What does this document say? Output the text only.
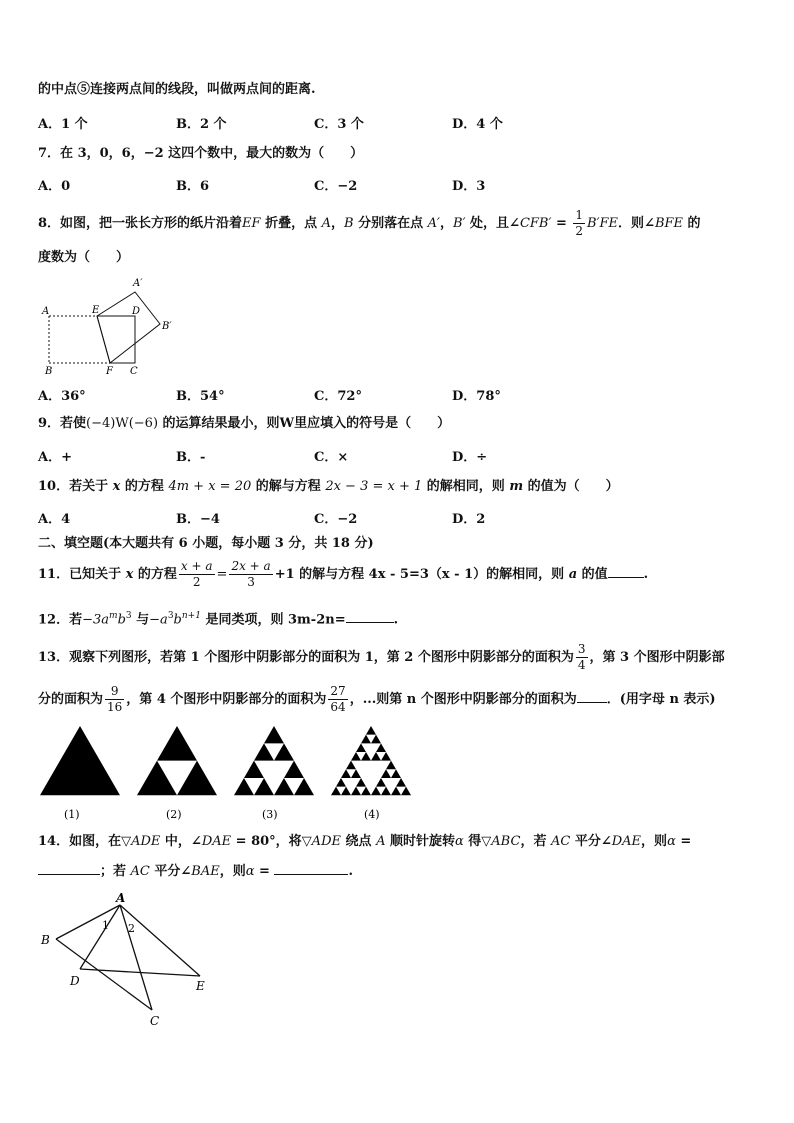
的中点⑤连接两点间的线段，叫做两点间的距离.
A．1 个	B．2 个	C．3 个	D．4 个
7．在 3，0，6，−2 这四个数中，最大的数为（　　）
A．0	B．6	C．−2	D．3
8．如图，把一张长方形的纸片沿着EF 折叠，点 A，B 分别落在点 A′，B′ 处，且∠CFB′ = $\frac{1}{2} B'FE$．则∠BFE 的
度数为（　　）
A	E	D
A′
B′
B	F C
A．36°	B．54°	C．72°	D．78°
9．若使(−4)W(−6) 的运算结果最小，则W里应填入的符号是（　　）
A．+	B．-	C．×	D．÷
10．若关于 x 的方程 4m + x = 20 的解与方程 2x − 3 = x + 1 的解相同，则 m 的值为（　　）
A．4	B．−4	C．−2	D．2
二、填空题(本大题共有 6 小题，每小题 3 分，共 18 分)
11．已知关于 x 的方程 $\frac{x + a}{2} = \frac{2x + a}{3} +1$ 的解与方程 4x - 5=3（x - 1）的解相同，则 a 的值	.
12．若$-3a^mb^3$ 与$-a^3b^{n+1}$ 是同类项，则 3m-2n=	.
13．观察下列图形，若第 1 个图形中阴影部分的面积为 1，第 2 个图形中阴影部分的面积为 $\frac{3}{4}$ ，第 3 个图形中阴影部
分的面积为 $\frac{9}{16}$ ，第 4 个图形中阴影部分的面积为 $\frac{27}{64}$ ，...则第 n 个图形中阴影部分的面积为 ．(用字母 n 表示)
(1)	(2)	(3)	(4)
14．如图，在▽ADE 中，∠DAE = 80°，将▽ADE 绕点 A 顺时针旋转α 得▽ABC，若 AC 平分∠DAE，则α =
；若 AC 平分∠BAE，则α =	.
A
B
1 2
D	E
C
